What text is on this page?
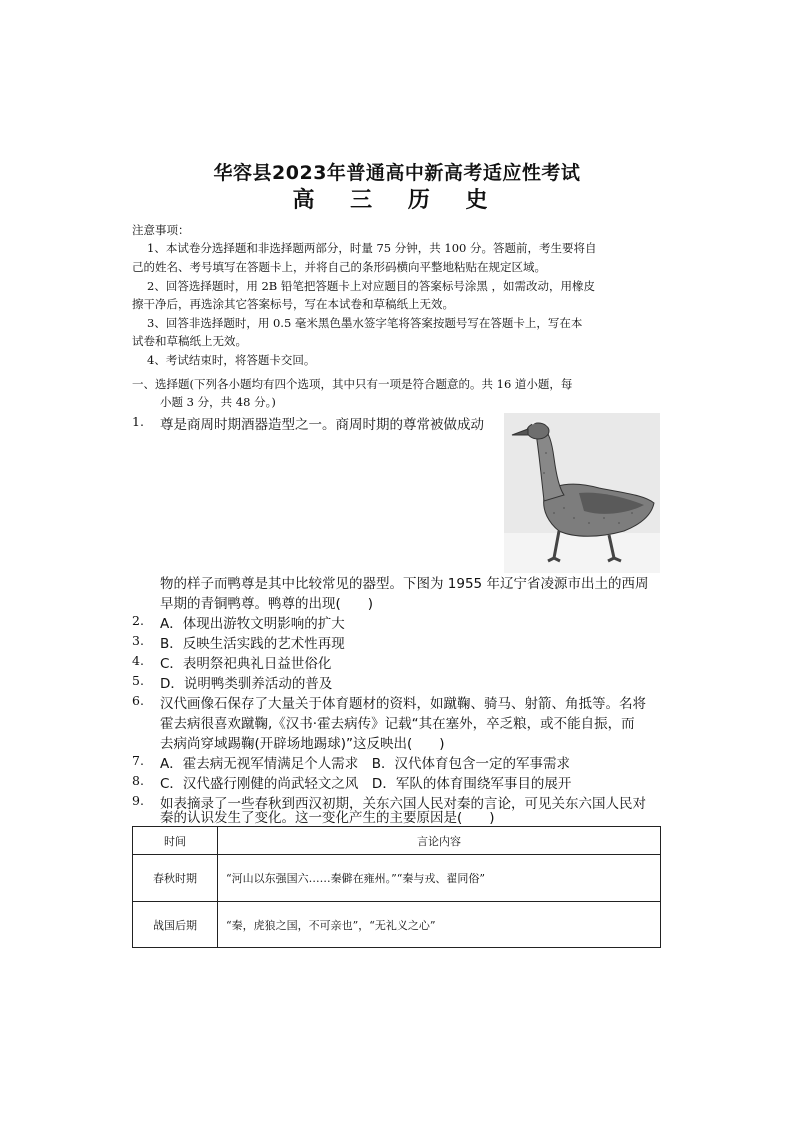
华容县2023年普通高中新高考适应性考试
高 三 历 史
注意事项：
1、本试卷分选择题和非选择题两部分，时量 75 分钟，共 100 分。答题前，考生要将自
己的姓名、考号填写在答题卡上，并将自己的条形码横向平整地粘贴在规定区域。
2、回答选择题时，用 2B 铅笔把答题卡上对应题目的答案标号涂黑 ，如需改动，用橡皮
擦干净后，再选涂其它答案标号，写在本试卷和草稿纸上无效。
3、回答非选择题时，用 0.5 毫米黑色墨水签字笔将答案按题号写在答题卡上，写在本
试卷和草稿纸上无效。
4、考试结束时，将答题卡交回。
一、选择题(下列各小题均有四个选项，其中只有一项是符合题意的。共 16 道小题，每
小题 3 分，共 48 分。)
1. 尊是商周时期酒器造型之一。商周时期的尊常被做成动
物的样子而鸭尊是其中比较常见的器型。下图为 1955 年辽宁省凌源市出土的西周
早期的青铜鸭尊。鸭尊的出现(　　)
2. A．体现出游牧文明影响的扩大
3. B．反映生活实践的艺术性再现
4. C．表明祭祀典礼日益世俗化
5. D．说明鸭类驯养活动的普及
6. 汉代画像石保存了大量关于体育题材的资料，如蹴鞠、骑马、射箭、角抵等。名将
霍去病很喜欢蹴鞠,《汉书·霍去病传》记载“其在塞外，卒乏粮，或不能自振，而
去病尚穿域踢鞠(开辟场地踢球)”这反映出(　　)
7. A．霍去病无视军情满足个人需求　B．汉代体育包含一定的军事需求
8. C．汉代盛行刚健的尚武轻文之风　D．军队的体育围绕军事目的展开
9. 如表摘录了一些春秋到西汉初期，关东六国人民对秦的言论，可见关东六国人民对
秦的认识发生了变化。这一变化产生的主要原因是(　　)
时间	言论内容
春秋时期	“河山以东强国六……秦僻在雍州。”“秦与戎、翟同俗”
战国后期	“秦，虎狼之国，不可亲也”，“无礼义之心”
